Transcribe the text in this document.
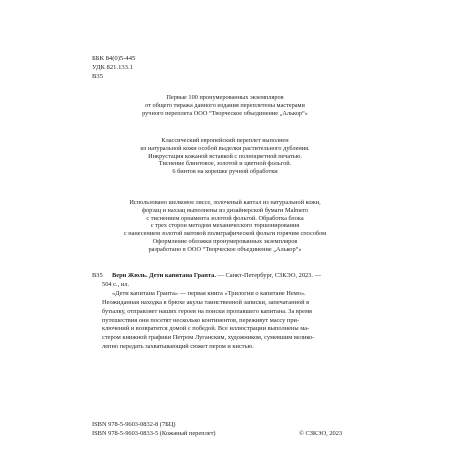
ББК 84(0)5-445
УДК 821.133.1
В35
Первые 100 пронумерованных экземпляров
от общего тиража данного издания переплетены мастерами
ручного переплета ООО “Творческое объединение „Алькор“»
Классический европейский переплет выполнен
из натуральной кожи особой выделки растительного дубления.
Инкрустация кожаной вставкой с полноцветной печатью.
Тиснение блинтовое, золотой и цветной фольгой.
6 бинтов на корешке ручной обработки
Использовано шелковое ляссе, золоченый каптал из натуральной кожи,
форзац и нахзац выполнены из дизайнерской бумаги Malmero
с тиснением орнамента золотой фольгой. Обработка блока
с трех сторон методом механического торшонирования
с нанесением золотой матовой полиграфической фольги горячим способом
Оформление обложки пронумерованных экземпляров
разработано в ООО “Творческое объединение „Алькор“»
В35 Верн Жюль. Дети капитана Гранта. — Санкт-Петербург, СЗКЭО, 2023. —
504 с., ил.
«Дети капитана Гранта» — первая книга «Трилогии о капитане Немо».
Неожиданная находка в брюхе акулы таинственной записки, запечатанной в
бутылку, отправляет наших героев на поиски пропавшего капитана. За время
путешествия они посетят несколько континентов, переживут массу при-
ключений и возвратятся домой с победой. Все иллюстрации выполнены ма-
стером книжной графики Петром Луганским, художником, сумевшим велико-
лепно передать захватывающий сюжет пером и кистью.
ISBN 978-5-9603-0832-8 (7БЦ)
ISBN 978-5-9603-0833-5 (Кожаный переплет)	© СЗКЭО, 2023
